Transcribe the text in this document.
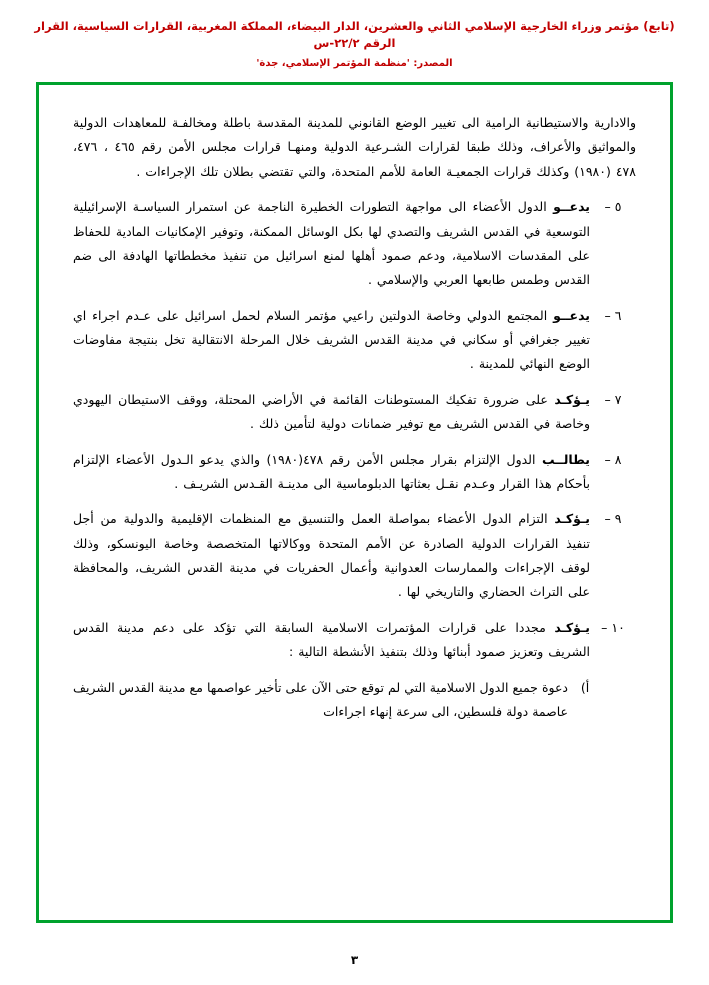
(تابع) مؤتمر وزراء الخارجية الإسلامي الثاني والعشرين، الدار البيضاء، المملكة المغربية، القرارات السياسية، القرار الرقم ٢٢/٢-س
المصدر: 'منظمة المؤتمر الإسلامي، جدة'
والادارية والاستيطانية الرامية الى تغيير الوضع القانوني للمدينة المقدسة باطلة ومخالفـة للمعاهدات الدولية والمواثيق والأعراف، وذلك طبقا لقرارات الشـرعية الدولية ومنهـا قرارات مجلس الأمن رقم ٤٦٥ ، ٤٧٦، ٤٧٨ (١٩٨٠) وكذلك قرارات الجمعيـة العامة للأمم المتحدة، والتي تقتضي بطلان تلك الإجراءات .
٥ –
يدعــو الدول الأعضاء الى مواجهة التطورات الخطيرة الناجمة عن استمرار السياسـة الإسرائيلية التوسعية في القدس الشريف والتصدي لها بكل الوسائل الممكنة، وتوفير الإمكانيات المادية للحفاظ على المقدسات الاسلامية، ودعم صمود أهلها لمنع اسرائيل من تنفيذ مخططاتها الهادفة الى ضم القدس وطمس طابعها العربي والإسلامي .
٦ –
يدعــو المجتمع الدولي وخاصة الدولتين راعيي مؤتمر السلام لحمل اسرائيل على عـدم اجراء اي تغيير جغرافي أو سكاني في مدينة القدس الشريف خلال المرحلة الانتقالية تخل بنتيجة مفاوضات الوضع النهائي للمدينة .
٧ –
يـؤكـد على ضرورة تفكيك المستوطنات القائمة في الأراضي المحتلة، ووقف الاستيطان اليهودي وخاصة في القدس الشريف مع توفير ضمانات دولية لتأمين ذلك .
٨ –
يطالــب الدول الإلتزام بقرار مجلس الأمن رقم ٤٧٨(١٩٨٠) والذي يدعو الـدول الأعضاء الإلتزام بأحكام هذا القرار وعـدم نقـل بعثاتها الدبلوماسية الى مدينـة القـدس الشريـف .
٩ –
يـؤكـد التزام الدول الأعضاء بمواصلة العمل والتنسيق مع المنظمات الإقليمية والدولية من أجل تنفيذ القرارات الدولية الصادرة عن الأمم المتحدة ووكالاتها المتخصصة وخاصة اليونسكو، وذلك لوقف الإجراءات والممارسات العدوانية وأعمال الحفريات في مدينة القدس الشريف، والمحافظة على التراث الحضاري والتاريخي لها .
١٠ –
يـؤكـد مجددا على قرارات المؤتمرات الاسلامية السابقة التي تؤكد على دعم مدينة القدس الشريف وتعزيز صمود أبنائها وذلك بتنفيذ الأنشطة التالية :
أ)
دعوة جميع الدول الاسلامية التي لم توقع حتى الآن على تأخير عواصمها مع مدينة القدس الشريف عاصمة دولة فلسطين، الى سرعة إنهاء اجراءات
٣
